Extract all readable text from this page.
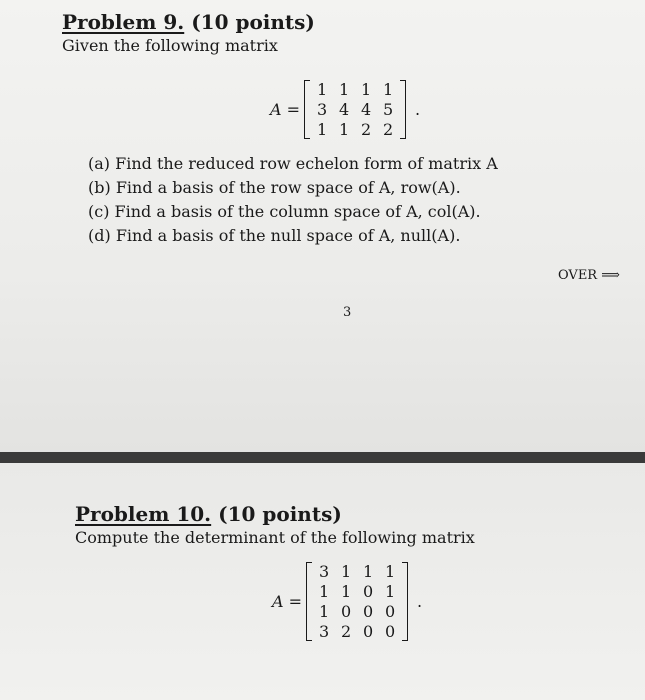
Problem 9. (10 points)
Given the following matrix
A =
1 1 1 1
3 4 4 5
1 1 2 2
.
(a) Find the reduced row echelon form of matrix A
(b) Find a basis of the row space of A, row(A).
(c) Find a basis of the column space of A, col(A).
(d) Find a basis of the null space of A, null(A).
OVER ⟹
3
Problem 10. (10 points)
Compute the determinant of the following matrix
A =
3 1 1 1
1 1 0 1
1 0 0 0
3 2 0 0
.
